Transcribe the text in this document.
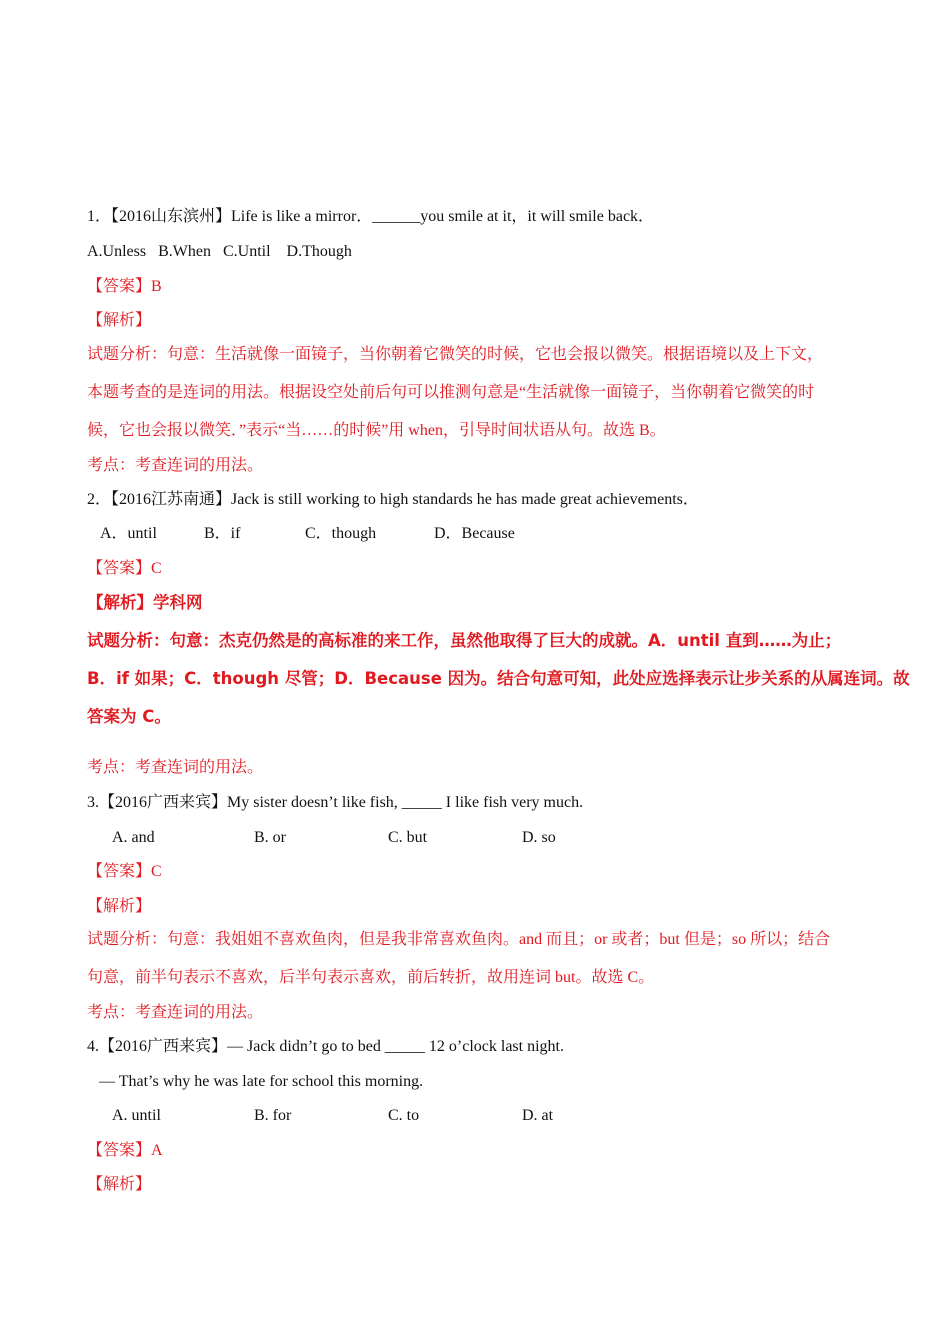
1．【2016山东滨州】Life is like a mirror．______you smile at it，it will smile back．
A.Unless   B.When   C.Until    D.Though
【答案】B
【解析】
试题分析：句意：生活就像一面镜子，当你朝着它微笑的时候，它也会报以微笑。根据语境以及上下文，
本题考查的是连词的用法。根据设空处前后句可以推测句意是“生活就像一面镜子，当你朝着它微笑的时
候，它也会报以微笑．”表示“当……的时候”用 when，引导时间状语从句。故选 B。
考点：考查连词的用法。
2．【2016江苏南通】Jack is still working to high standards he has made great achievements．
A．until	B．if	C．though	D．Because
【答案】C
【解析】学科网
试题分析：句意：杰克仍然是的高标准的来工作，虽然他取得了巨大的成就。A．until 直到……为止；
B．if 如果；C．though 尽管；D．Because 因为。结合句意可知，此处应选择表示让步关系的从属连词。故
答案为 C。
考点：考查连词的用法。
3.【2016广西来宾】My sister doesn’t like fish, _____ I like fish very much.
A. and	B. or	C. but	D. so
【答案】C
【解析】
试题分析：句意：我姐姐不喜欢鱼肉，但是我非常喜欢鱼肉。and 而且；or 或者；but 但是；so 所以；结合
句意，前半句表示不喜欢，后半句表示喜欢，前后转折，故用连词 but。故选 C。
考点：考查连词的用法。
4.【2016广西来宾】— Jack didn’t go to bed _____ 12 o’clock last night.
— That’s why he was late for school this morning.
A. until	B. for	C. to	D. at
【答案】A
【解析】
